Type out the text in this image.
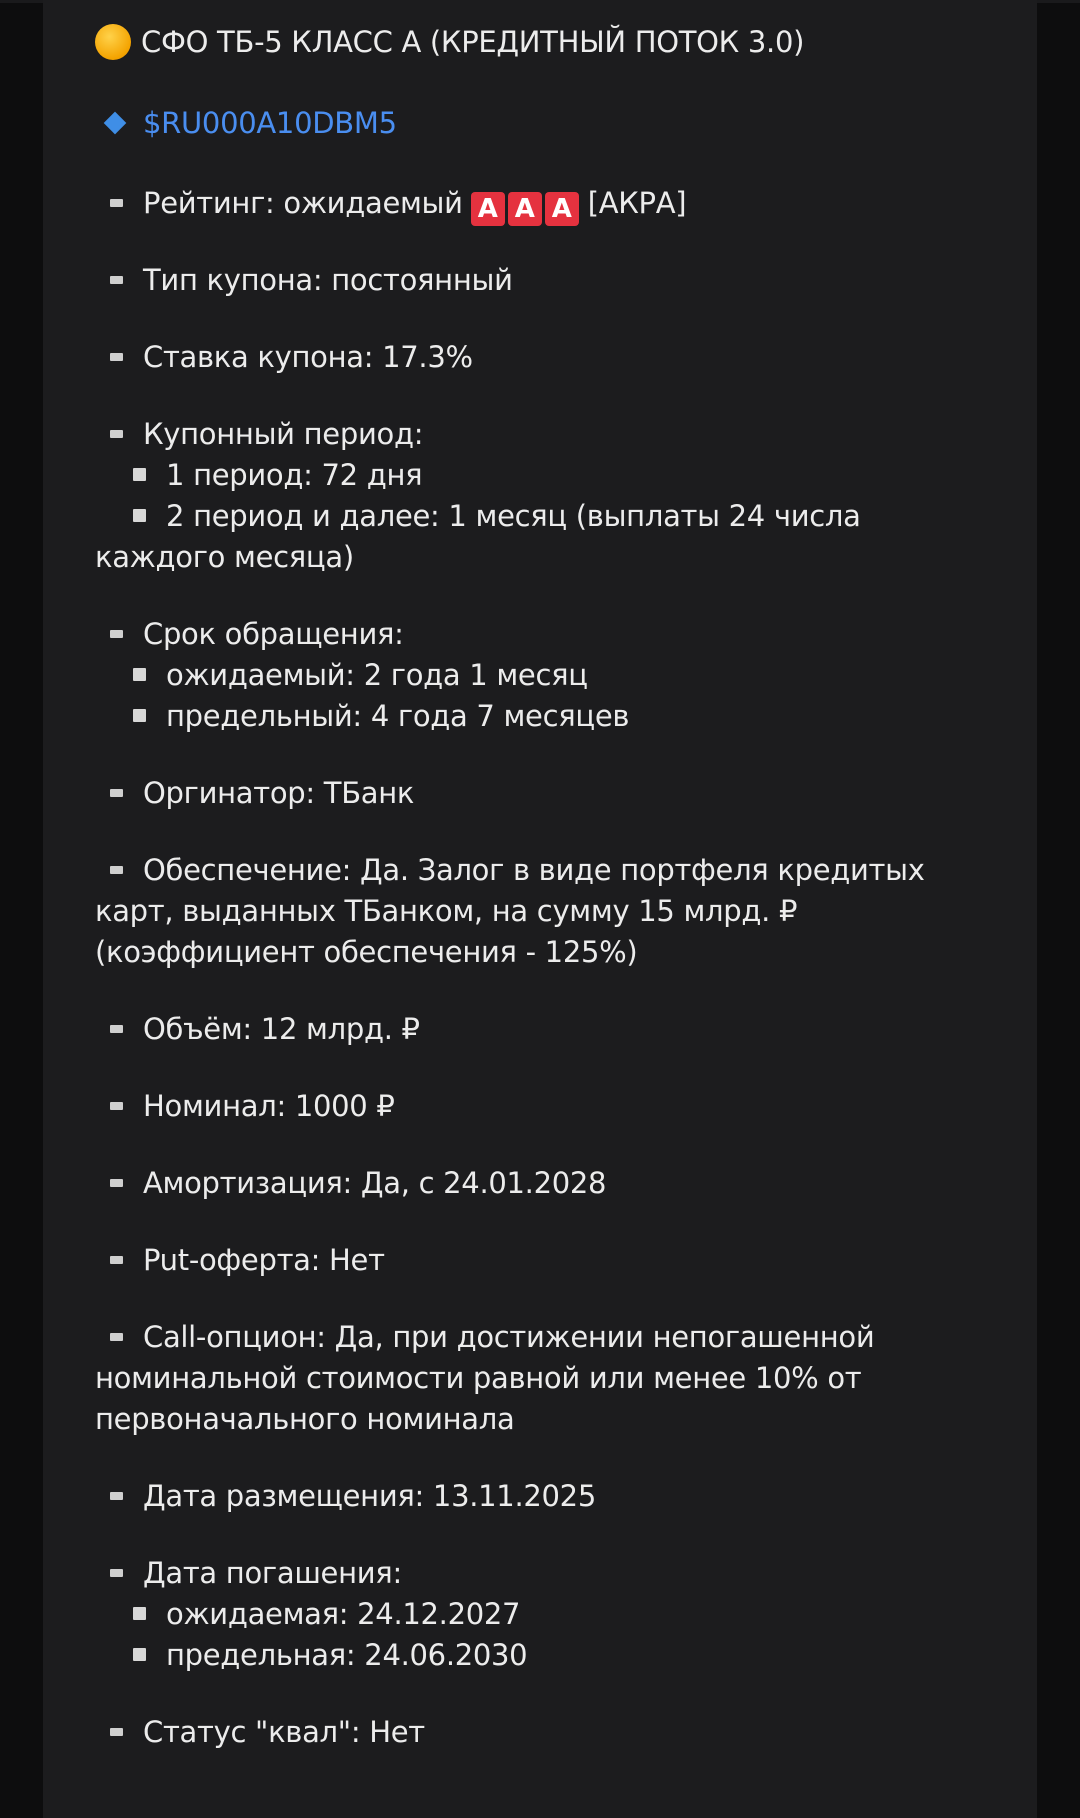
СФО ТБ-5 КЛАСС А (КРЕДИТНЫЙ ПОТОК 3.0)
$RU000A10DBM5
Рейтинг: ожидаемый A A A [АКРА]
Тип купона: постоянный
Ставка купона: 17.3%
Купонный период:
1 период: 72 дня
2 период и далее: 1 месяц (выплаты 24 числа каждого месяца)
Срок обращения:
ожидаемый: 2 года 1 месяц
предельный: 4 года 7 месяцев
Оргинатор: ТБанк
Обеспечение: Да. Залог в виде портфеля кредитых карт, выданных ТБанком, на сумму 15 млрд. ₽ (коэффициент обеспечения - 125%)
Объём: 12 млрд. ₽
Номинал: 1000 ₽
Амортизация: Да, с 24.01.2028
Put-оферта: Нет
Call-опцион: Да, при достижении непогашенной номинальной стоимости равной или менее 10% от первоначального номинала
Дата размещения: 13.11.2025
Дата погашения:
ожидаемая: 24.12.2027
предельная: 24.06.2030
Статус "квал": Нет
